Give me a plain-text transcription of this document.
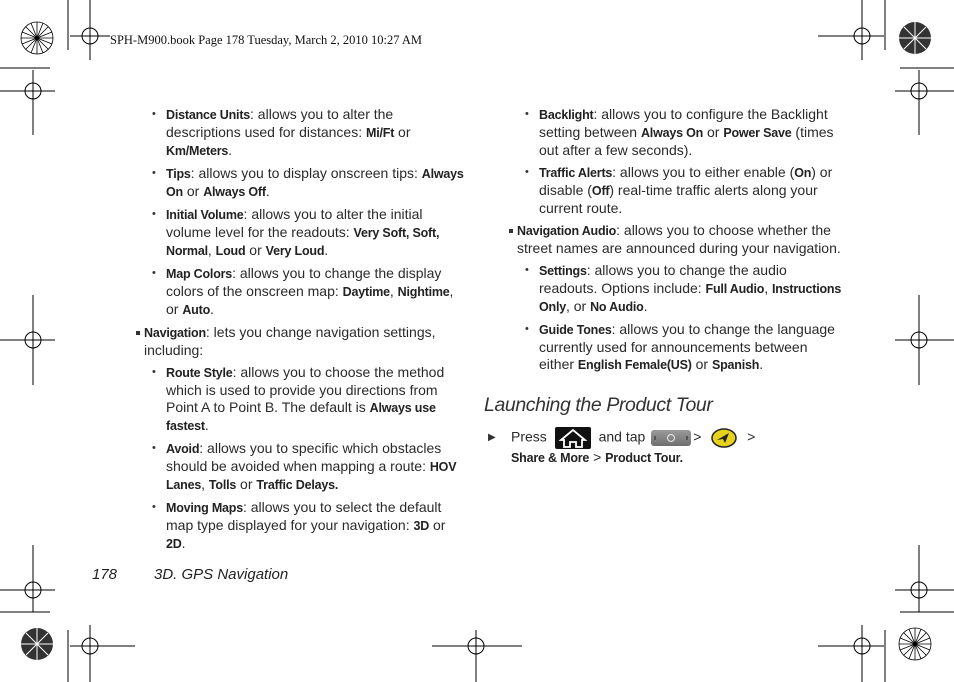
SPH-M900.book Page 178 Tuesday, March 2, 2010 10:27 AM
• Distance Units: allows you to alter the descriptions used for distances: Mi/Ft or Km/Meters.
• Tips: allows you to display onscreen tips: Always On or Always Off.
• Initial Volume: allows you to alter the initial volume level for the readouts: Very Soft, Soft, Normal, Loud or Very Loud.
• Map Colors: allows you to change the display colors of the onscreen map: Daytime, Nightime, or Auto.
Navigation: lets you change navigation settings, including:
• Route Style: allows you to choose the method which is used to provide you directions from Point A to Point B. The default is Always use fastest.
• Avoid: allows you to specific which obstacles should be avoided when mapping a route: HOV Lanes, Tolls or Traffic Delays.
• Moving Maps: allows you to select the default map type displayed for your navigation: 3D or 2D.
• Backlight: allows you to configure the Backlight setting between Always On or Power Save (times out after a few seconds).
• Traffic Alerts: allows you to either enable (On) or disable (Off) real-time traffic alerts along your current route.
Navigation Audio: allows you to choose whether the street names are announced during your navigation.
• Settings: allows you to change the audio readouts. Options include: Full Audio, Instructions Only, or No Audio.
• Guide Tones: allows you to change the language currently used for announcements between either English Female(US) or Spanish.
Launching the Product Tour
▶	Press	and tap	>	>
Share & More > Product Tour.
178 3D. GPS Navigation
